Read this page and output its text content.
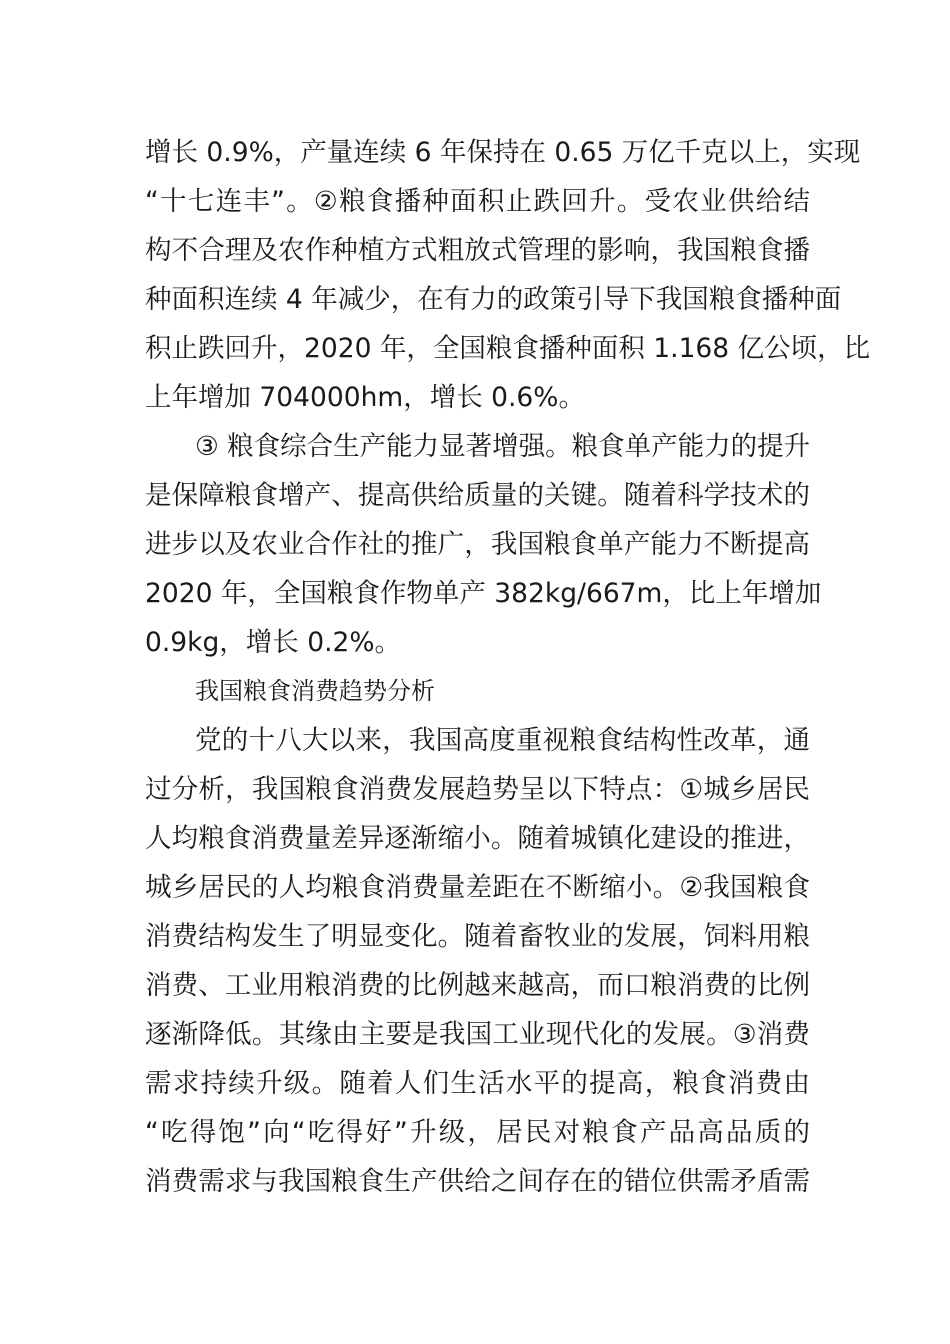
增长 0.9%，产量连续 6 年保持在 0.65 万亿千克以上，实现
“十七连丰”。②粮食播种面积止跌回升。受农业供给结
构不合理及农作种植方式粗放式管理的影响，我国粮食播
种面积连续 4 年减少，在有力的政策引导下我国粮食播种面
积止跌回升，2020 年，全国粮食播种面积 1.168 亿公顷，比
上年增加 704000hm，增长 0.6%。
③ 粮食综合生产能力显著增强。粮食单产能力的提升
是保障粮食增产、提高供给质量的关键。随着科学技术的
进步以及农业合作社的推广，我国粮食单产能力不断提高
2020 年，全国粮食作物单产 382kg/667m，比上年增加
0.9kg，增长 0.2%。
我国粮食消费趋势分析
党的十八大以来，我国高度重视粮食结构性改革，通
过分析，我国粮食消费发展趋势呈以下特点：①城乡居民
人均粮食消费量差异逐渐缩小。随着城镇化建设的推进，
城乡居民的人均粮食消费量差距在不断缩小。②我国粮食
消费结构发生了明显变化。随着畜牧业的发展，饲料用粮
消费、工业用粮消费的比例越来越高，而口粮消费的比例
逐渐降低。其缘由主要是我国工业现代化的发展。③消费
需求持续升级。随着人们生活水平的提高，粮食消费由
“吃得饱”向“吃得好”升级，居民对粮食产品高品质的
消费需求与我国粮食生产供给之间存在的错位供需矛盾需
